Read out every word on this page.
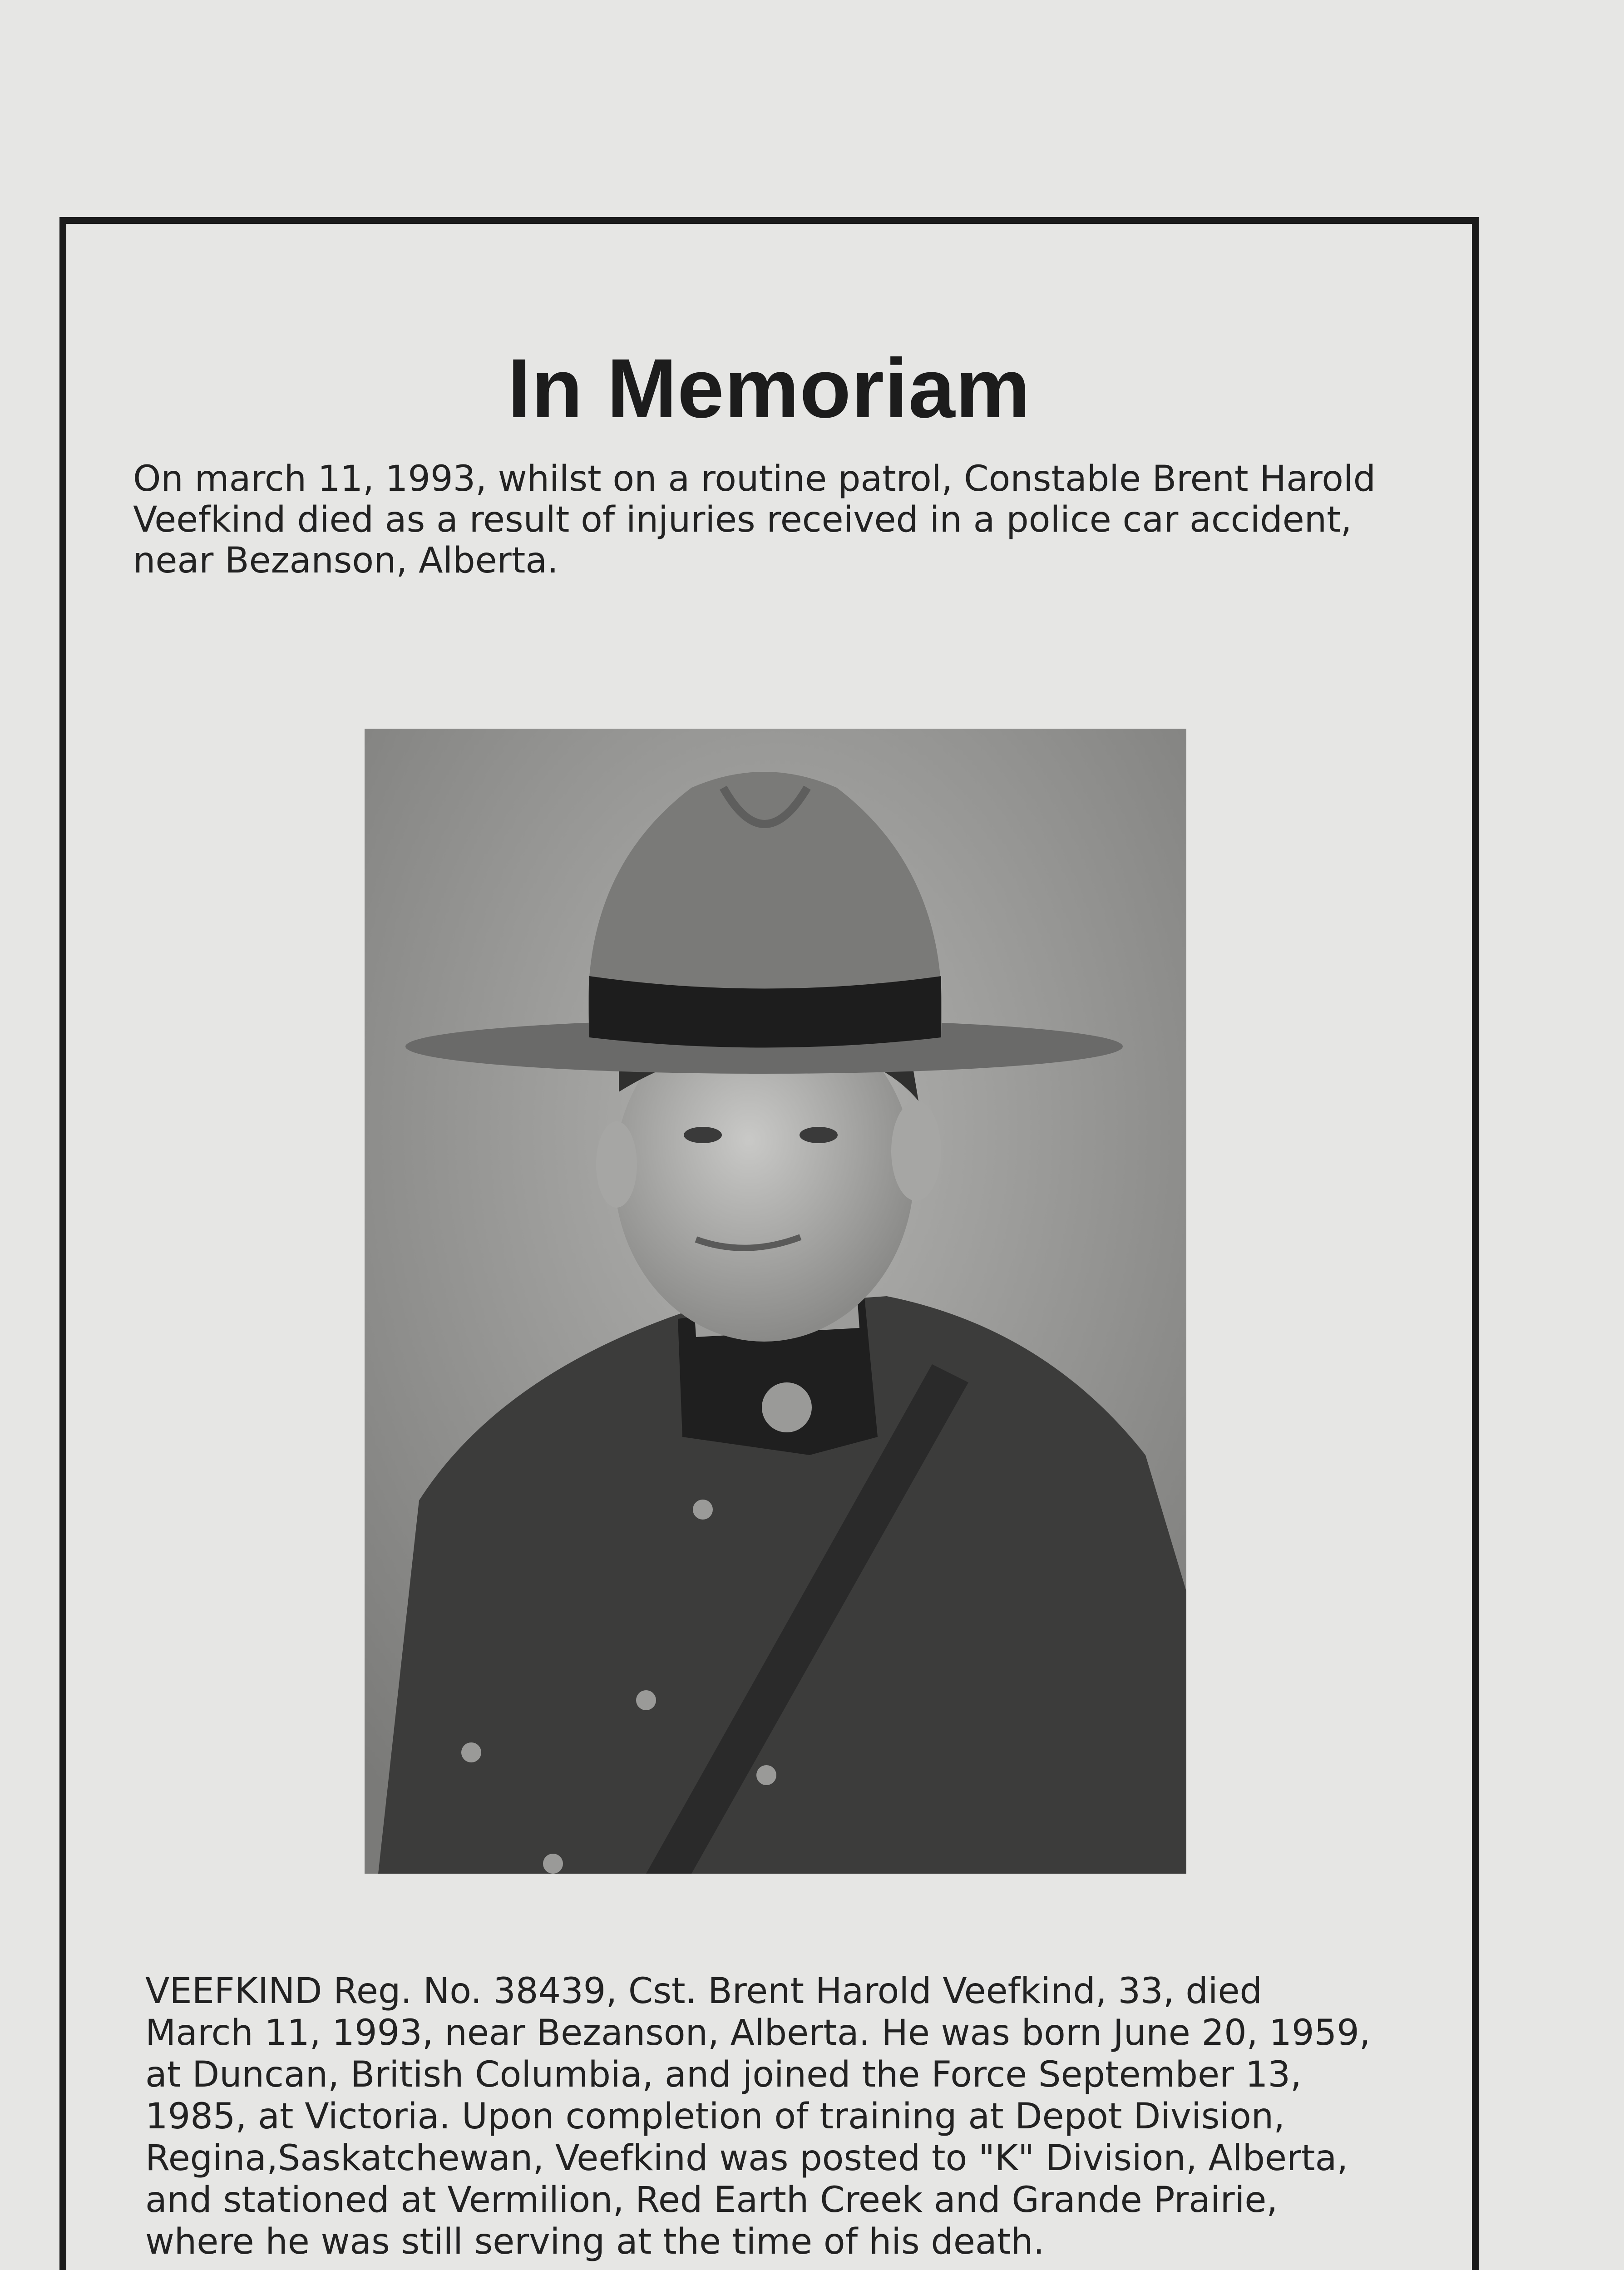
In Memoriam
On march 11, 1993, whilst on a routine patrol, Constable Brent Harold
Veefkind died as a result of injuries received in a police car accident,
near Bezanson, Alberta.
VEEFKIND Reg. No. 38439, Cst. Brent Harold Veefkind, 33, died
March 11, 1993, near Bezanson, Alberta. He was born June 20, 1959,
at Duncan, British Columbia, and joined the Force September 13,
1985, at Victoria. Upon completion of training at Depot Division,
Regina,Saskatchewan, Veefkind was posted to "K" Division, Alberta,
and stationed at Vermilion, Red Earth Creek and Grande Prairie,
where he was still serving at the time of his death.
